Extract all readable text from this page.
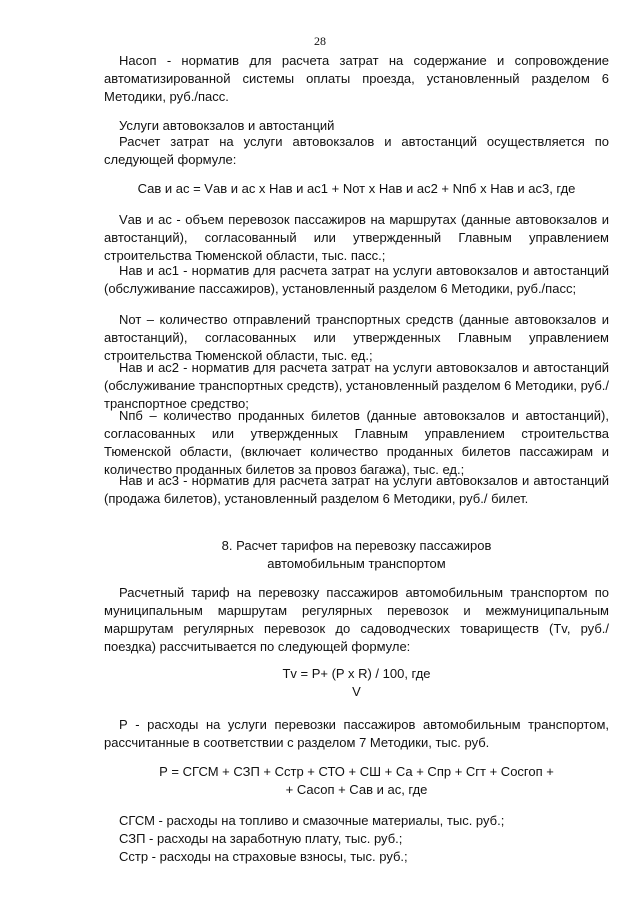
28

Hасоп - норматив для расчета затрат на содержание и сопровождение автоматизированной системы оплаты проезда, установленный разделом 6 Методики, руб./пасс.

Услуги автовокзалов и автостанций

Расчет затрат на услуги автовокзалов и автостанций осуществляется по следующей формуле:

Сав и ас = Vав и ас x Нав и ас1 + Nот x Нав и ас2 + Nпб x Нав и ас3, где

Vав и ас - объем перевозок пассажиров на маршрутах (данные автовокзалов и автостанций), согласованный или утвержденный Главным управлением строительства Тюменской области, тыс. пасс.;

Нав и ас1 - норматив для расчета затрат на услуги автовокзалов и автостанций (обслуживание пассажиров), установленный разделом 6 Методики, руб./пасс;

Nот – количество отправлений транспортных средств (данные автовокзалов и автостанций), согласованных или утвержденных Главным управлением строительства Тюменской области, тыс. ед.;

Нав и ас2 - норматив для расчета затрат на услуги автовокзалов и автостанций (обслуживание транспортных средств), установленный разделом 6 Методики, руб./транспортное средство;

Nпб – количество проданных билетов (данные автовокзалов и автостанций), согласованных или утвержденных Главным управлением строительства Тюменской области, (включает количество проданных билетов пассажирам и количество проданных билетов за провоз багажа), тыс. ед.;

Нав и ас3 - норматив для расчета затрат на услуги автовокзалов и автостанций (продажа билетов), установленный разделом 6 Методики, руб./ билет.

8. Расчет тарифов на перевозку пассажиров

автомобильным транспортом

Расчетный тариф на перевозку пассажиров автомобильным транспортом по муниципальным маршрутам регулярных перевозок и межмуниципальным маршрутам регулярных перевозок до садоводческих товариществ (Тv, руб./поездка) рассчитывается по следующей формуле:

Тv = P+ (P x R) / 100, где

V

Р - расходы на услуги перевозки пассажиров автомобильным транспортом, рассчитанные в соответствии с разделом 7 Методики, тыс. руб.

Р = СГСМ + СЗП + Сстр + СТО + СШ + Са + Спр + Сгт + Сосгоп +

+ Сасоп + Сав и ас, где

СГСМ - расходы на топливо и смазочные материалы, тыс. руб.;

СЗП - расходы на заработную плату, тыс. руб.;

Сстр - расходы на страховые взносы, тыс. руб.;
